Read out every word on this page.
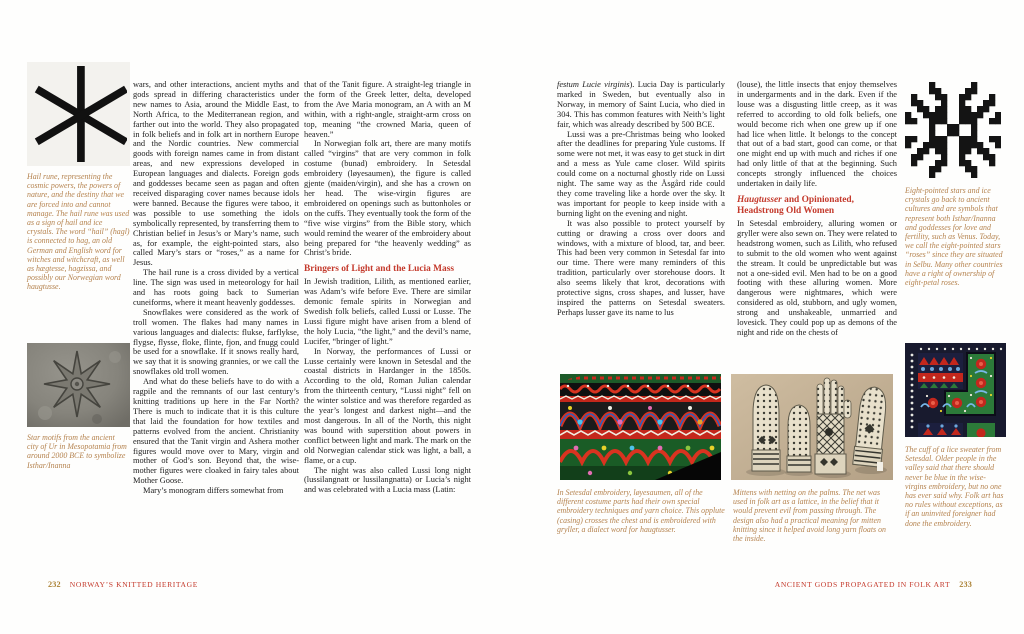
Hail rune, representing the cosmic powers, the powers of nature, and the destiny that we are forced into and cannot manage. The hail rune was used as a sign of hail and ice crystals. The word “hail” (hagl) is connected to hag, an old German and English word for witches and witchcraft, as well as hægtesse, hagzissa, and possibly our Norwegian word haugtusse.
Star motifs from the ancient city of Ur in Mesopotamia from around 2000 BCE to symbolize Isthar/Inanna

wars, and other interactions, ancient myths and gods spread in differing characteristics under new names to Asia, around the Middle East, to North Africa, to the Mediterranean region, and farther out into the world. They also propagated in folk beliefs and in folk art in northern Europe and the Nordic countries. New commercial goods with foreign names came in from distant areas, and new expressions developed in European languages and dialects. Foreign gods and goddesses became seen as pagan and often received disparaging cover names because idols were banned. Because the figures were taboo, it was possible to use something the idols symbolically represented, by transferring them to Christian belief in Jesus’s or Mary’s name, such as, for example, the eight-pointed stars, also called Mary’s stars or “roses,” as a name for Jesus.

The hail rune is a cross divided by a vertical line. The sign was used in meteorology for hail and has roots going back to Sumerian cuneiforms, where it meant heavenly goddesses.

Snowflakes were considered as the work of troll women. The flakes had many names in various languages and dialects: flukse, farflykse, flygse, flysse, floke, flinte, fjon, and fnugg could be used for a snowflake. If it snows really hard, we say that it is snowing grannies, or we call the snowflakes old troll women.

And what do these beliefs have to do with a ragpile and the remnants of our last century’s knitting traditions up here in the Far North? There is much to indicate that it is this culture that laid the foundation for how textiles and patterns evolved from the ancient. Christianity ensured that the Tanit virgin and Ashera mother figures would move over to Mary, virgin and mother of God’s son. Beyond that, the wise-mother figures were cloaked in fairy tales about Mother Goose.

Mary’s monogram differs somewhat from

that of the Tanit figure. A straight-leg triangle in the form of the Greek letter, delta, developed from the Ave Maria monogram, an A with an M within, with a right-angle, straight-arm cross on top, meaning “the crowned Maria, queen of heaven.”

In Norwegian folk art, there are many motifs called “virgins” that are very common in folk costume (bunad) embroidery. In Setesdal embroidery (løyesaumen), the figure is called gjente (maiden/virgin), and she has a crown on her head. The wise-virgin figures are embroidered on openings such as buttonholes or on the cuffs. They eventually took the form of the “five wise virgins” from the Bible story, which would remind the wearer of the embroidery about being prepared for “the heavenly wedding” as Christ’s bride.

Bringers of Light and the Lucia Mass

In Jewish tradition, Lilith, as mentioned earlier, was Adam’s wife before Eve. There are similar demonic female spirits in Norwegian and Swedish folk beliefs, called Lussi or Lusse. The Lussi figure might have arisen from a blend of the holy Lucia, “the light,” and the devil’s name, Lucifer, “bringer of light.”

In Norway, the performances of Lussi or Lusse certainly were known in Setesdal and the coastal districts in Hardanger in the 1850s. According to the old, Roman Julian calendar from the thirteenth century, “Lussi night” fell on the winter solstice and was therefore regarded as the year’s longest and darkest night—and the most dangerous. In all of the North, this night was bound with superstition about powers in conflict between light and mark. The mark on the old Norwegian calendar stick was light, a ball, a flame, or a cup.

The night was also called Lussi long night (lussilangnatt or lussilangnatta) or Lucia’s night and was celebrated with a Lucia mass (Latin:

232 NORWAY’S KNITTED HERITAGE

festum Lucie virginis). Lucia Day is particularly marked in Sweden, but eventually also in Norway, in memory of Saint Lucia, who died in 304. This has common features with Neith’s light fair, which was already described by 500 BCE.

Lussi was a pre-Christmas being who looked after the deadlines for preparing Yule customs. If some were not met, it was easy to get stuck in dirt and a mess as Yule came closer. Wild spirits could come on a nocturnal ghostly ride on Lussi night. The same way as the Åsgård ride could they come traveling like a horde over the sky. It was important for people to keep inside with a burning light on the evening and night.

It was also possible to protect yourself by cutting or drawing a cross over doors and windows, with a mixture of blood, tar, and beer. This had been very common in Setesdal far into our time. There were many reminders of this tradition, particularly over storehouse doors. It also seems likely that krot, decorations with protective signs, cross shapes, and lusser, have inspired the patterns on Setesdal sweaters. Perhaps lusser gave its name to lus

(louse), the little insects that enjoy themselves in undergarments and in the dark. Even if the louse was a disgusting little creep, as it was referred to according to old folk beliefs, one would become rich when one grew up if one had lice when little. It belongs to the concept that out of a bad start, good can come, or that one might end up with much and riches if one had only little of that at the beginning. Such concepts strongly influenced the choices undertaken in daily life.

Haugtusser and Opinionated, Headstrong Old Women

In Setesdal embroidery, alluring women or gryller were also sewn on. They were related to headstrong women, such as Lilith, who refused to submit to the old women who went against the stream. It could be unpredictable but was not a one-sided evil. Men had to be on a good footing with these alluring women. More dangerous were nightmares, which were considered as old, stubborn, and ugly women, strong and unshakeable, unmarried and lovesick. They could pop up as demons of the night and ride on the chests of

In Setesdal embroidery, løyesaumen, all of the different costume parts had their own special embroidery techniques and yarn choice. This opplute (casing) crosses the chest and is embroidered with gryller, a dialect word for haugtusser.
Mittens with netting on the palms. The net was used in folk art as a lattice, in the belief that it would prevent evil from passing through. The design also had a practical meaning for mitten knitting since it helped avoid long yarn floats on the inside.
Eight-pointed stars and ice crystals go back to ancient cultures and are symbols that represent both Isthar/Inanna and goddesses for love and fertility, such as Venus. Today, we call the eight-pointed stars “roses” since they are situated in Selbu. Many other countries have a right of ownership of eight-petal roses.
The cuff of a lice sweater from Setesdal. Older people in the valley said that there should never be blue in the wise-virgins embroidery, but no one has ever said why. Folk art has no rules without exceptions, as if an uninvited foreigner had done the embroidery.
ANCIENT GODS PROPAGATED IN FOLK ART 233
